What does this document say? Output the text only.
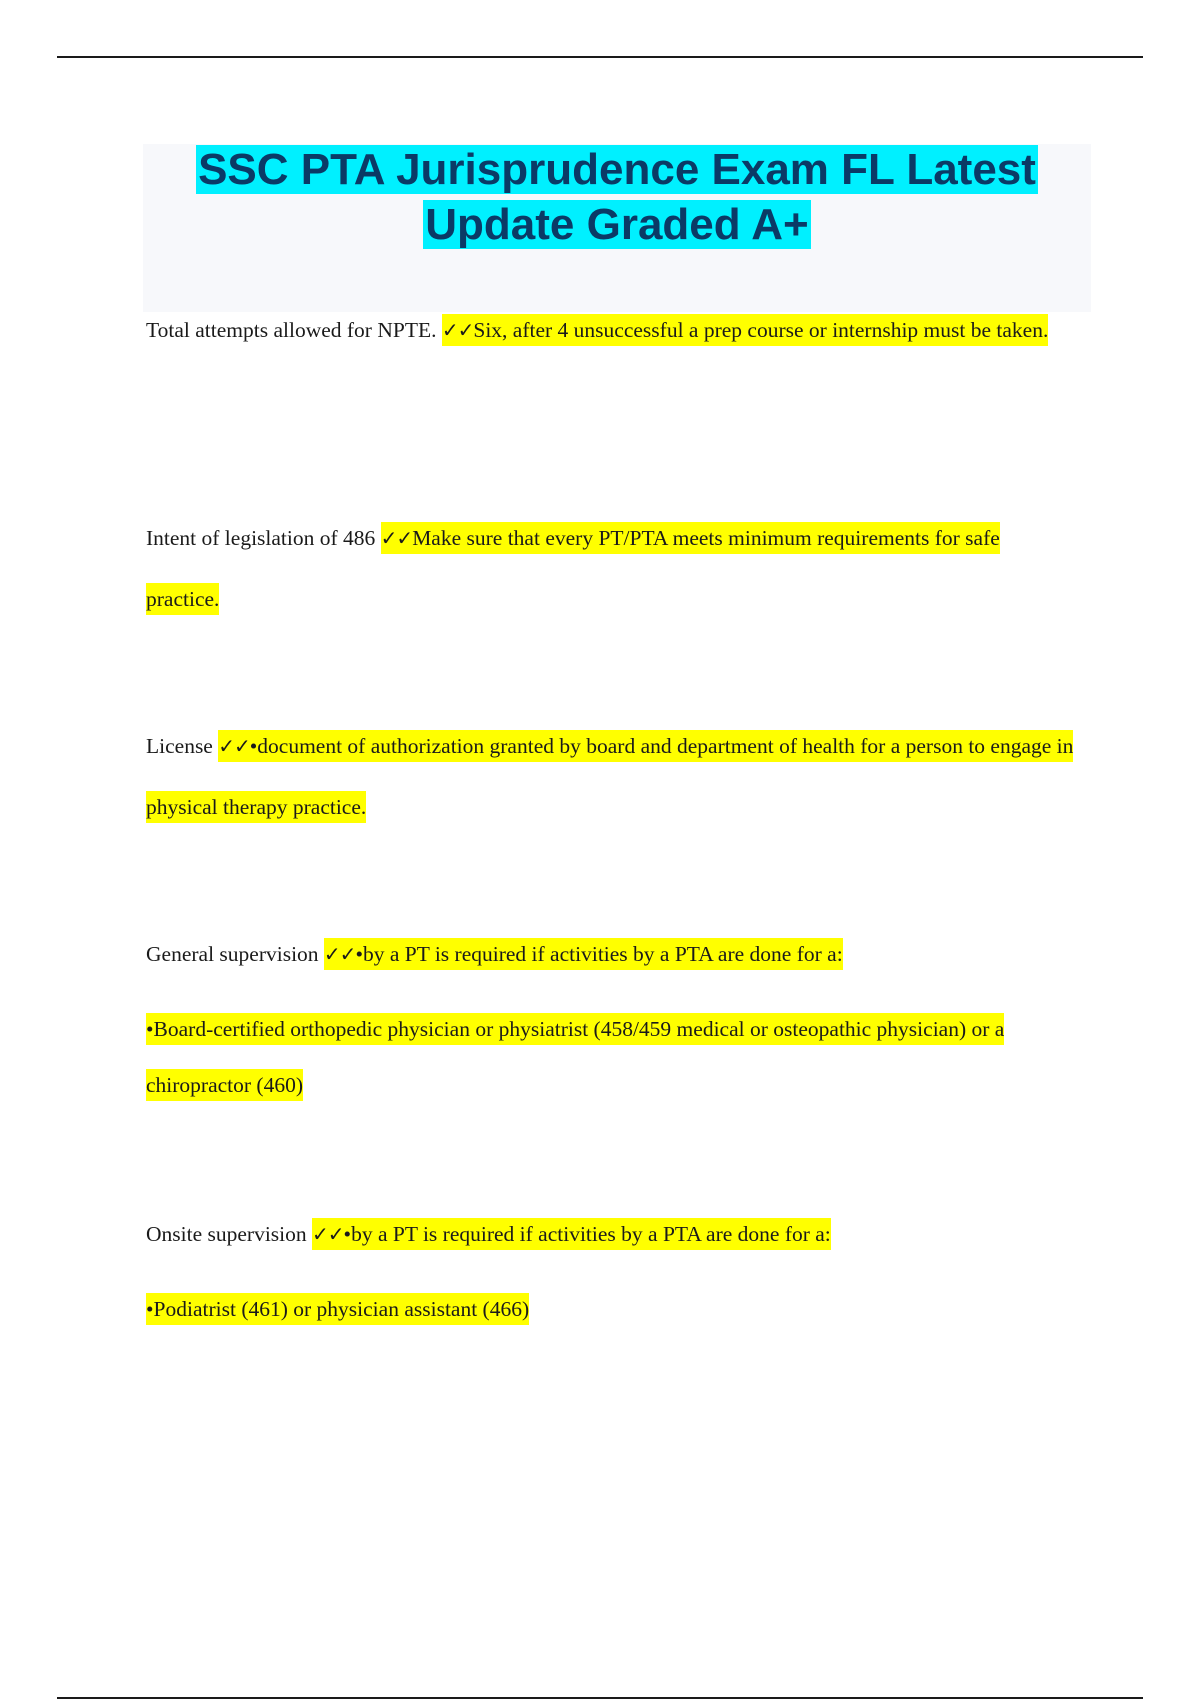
SSC PTA Jurisprudence Exam FL Latest Update Graded A+

Total attempts allowed for NPTE. ✓✓Six, after 4 unsuccessful a prep course or internship must be taken.

Intent of legislation of 486 ✓✓Make sure that every PT/PTA meets minimum requirements for safe practice.

License ✓✓•document of authorization granted by board and department of health for a person to engage in physical therapy practice.

General supervision ✓✓•by a PT is required if activities by a PTA are done for a:
•Board-certified orthopedic physician or physiatrist (458/459 medical or osteopathic physician) or a chiropractor (460)

Onsite supervision ✓✓•by a PT is required if activities by a PTA are done for a:
•Podiatrist (461) or physician assistant (466)
